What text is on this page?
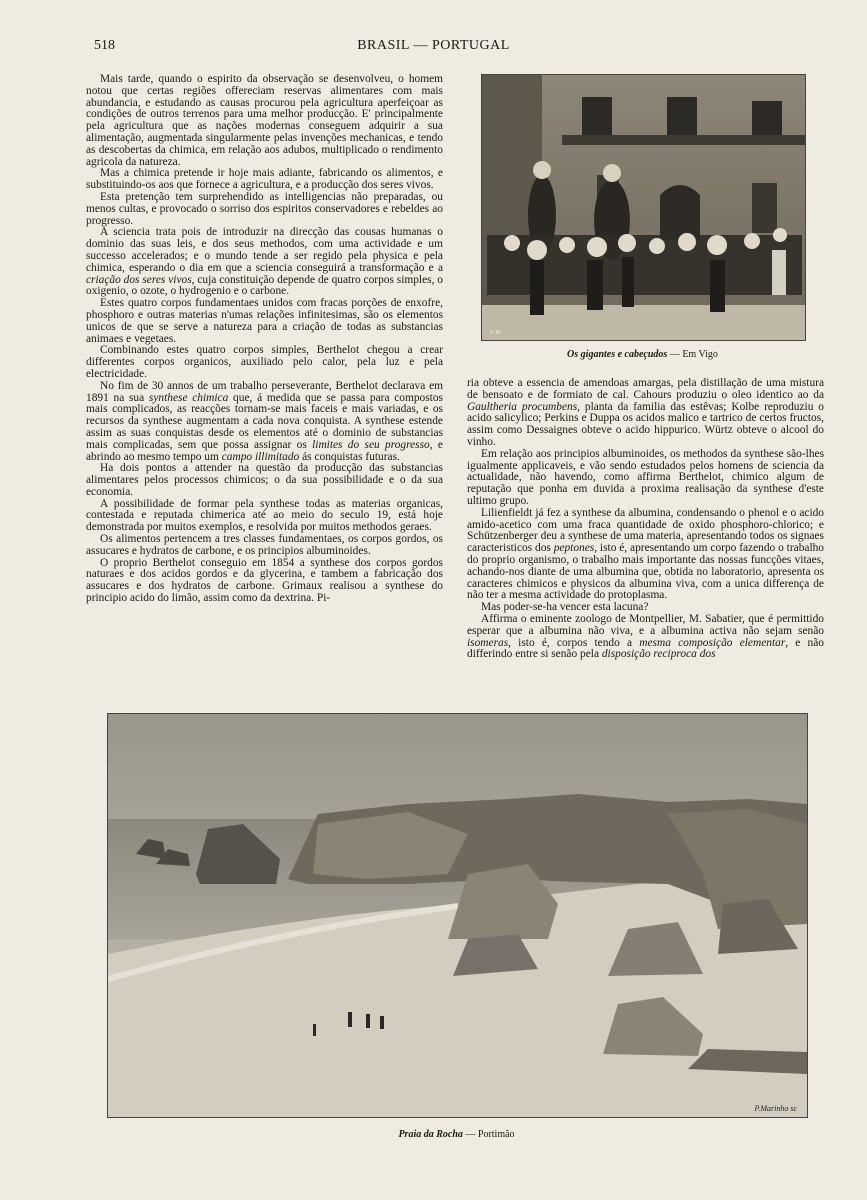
518	BRASIL — PORTUGAL

Mais tarde, quando o espirito da observação se desenvolveu, o homem notou que certas regiões offereciam reservas alimentares com mais abundancia, e estudando as causas procurou pela agricultura aperfeiçoar as condições de outros terrenos para uma melhor producção. E' principalmente pela agricultura que as nações modernas conseguem adquirir a sua alimentação, augmentada singularmente pelas invenções mechanicas, e tendo as descobertas da chimica, em relação aos adubos, multiplicado o rendimento agricola da natureza.

Mas a chimica pretende ir hoje mais adiante, fabricando os alimentos, e substituindo-os aos que fornece a agricultura, e a producção dos seres vivos.

Esta pretenção tem surprehendido as intelligencias não preparadas, ou menos cultas, e provocado o sorriso dos espiritos conservadores e rebeldes ao progresso.

A sciencia trata pois de introduzir na direcção das cousas humanas o dominio das suas leis, e dos seus methodos, com uma actividade e um successo accelerados; e o mundo tende a ser regido pela physica e pela chimica, esperando o dia em que a sciencia conseguirá a transformação e a criação dos seres vivos, cuja constituição depende de quatro corpos simples, o oxigenio, o ozote, o hydrogenio e o carbone.

Estes quatro corpos fundamentaes unidos com fracas porções de enxofre, phosphoro e outras materias n'umas relações infinitesimas, são os elementos unicos de que se serve a natureza para a criação de todas as substancias animaes e vegetaes.

Combinando estes quatro corpos simples, Berthelot chegou a crear differentes corpos organicos, auxiliado pelo calor, pela luz e pela electricidade.

No fim de 30 annos de um trabalho perseverante, Berthelot declarava em 1891 na sua synthese chimica que, á medida que se passa para compostos mais complicados, as reacções tornam-se mais faceis e mais variadas, e os recursos da synthese augmentam a cada nova conquista. A synthese estende assim as suas conquistas desde os elementos até o dominio de substancias mais complicadas, sem que possa assignar os limites do seu progresso, e abrindo ao mesmo tempo um campo illimitado ás conquistas futuras.

Ha dois pontos a attender na questão da producção das substancias alimentares pelos processos chimicos; o da sua possibilidade e o da sua economia.

A possibilidade de formar pela synthese todas as materias organicas, contestada e reputada chimerica até ao meio do seculo 19, está hoje demonstrada por muitos exemplos, e resolvida por muitos methodos geraes.

Os alimentos pertencem a tres classes fundamentaes, os corpos gordos, os assucares e hydratos de carbone, e os principios albuminoides.

O proprio Berthelot conseguio em 1854 a synthese dos corpos gordos naturaes e dos acidos gordos e da glycerina, e tambem a fabricação dos assucares e dos hydratos de carbone. Grimaux realisou a synthese do principio acido do limão, assim como da dextrina. Pi-

e·m
Os gigantes e cabeçudos — Em Vigo

ria obteve a essencia de amendoas amargas, pela distillação de uma mistura de bensoato e de formiato de cal. Cahours produziu o oleo identico ao da Gaultheria procumbens, planta da familia das estêvas; Kolbe reproduziu o acido salicylico; Perkins e Duppa os acidos malico e tartrico de certos fructos, assim como Dessaignes obteve o acido hippurico. Würtz obteve o alcool do vinho.

Em relação aos principios albuminoides, os methodos da synthese são-lhes igualmente applicaveis, e vão sendo estudados pelos homens de sciencia da actualidade, não havendo, como affirma Berthelot, chimico algum de reputação que ponha em duvida a proxima realisação da synthese d'este ultimo grupo.

Lilienfieldt já fez a synthese da albumina, condensando o phenol e o acido amido-acetico com uma fraca quantidade de oxido phosphoro-chlorico; e Schützenberger deu a synthese de uma materia, apresentando todos os signaes caracteristicos dos peptones, isto é, apresentando um corpo fazendo o trabalho do proprio organismo, o trabalho mais importante das nossas funcções vitaes, achando-nos diante de uma albumina que, obtida no laboratorio, apresenta os caracteres chimicos e physicos da albumina viva, com a unica differença de não ter a mesma actividade do protoplasma.

Mas poder-se-ha vencer esta lacuna?

Affirma o eminente zoologo de Montpellier, M. Sabatier, que é permittido esperar que a albumina não viva, e a albumina activa não sejam senão isomeras, isto é, corpos tendo a mesma composição elementar, e não differindo entre si senão pela disposição reciproca dos

P.Marinho sc
Praia da Rocha — Portimão
